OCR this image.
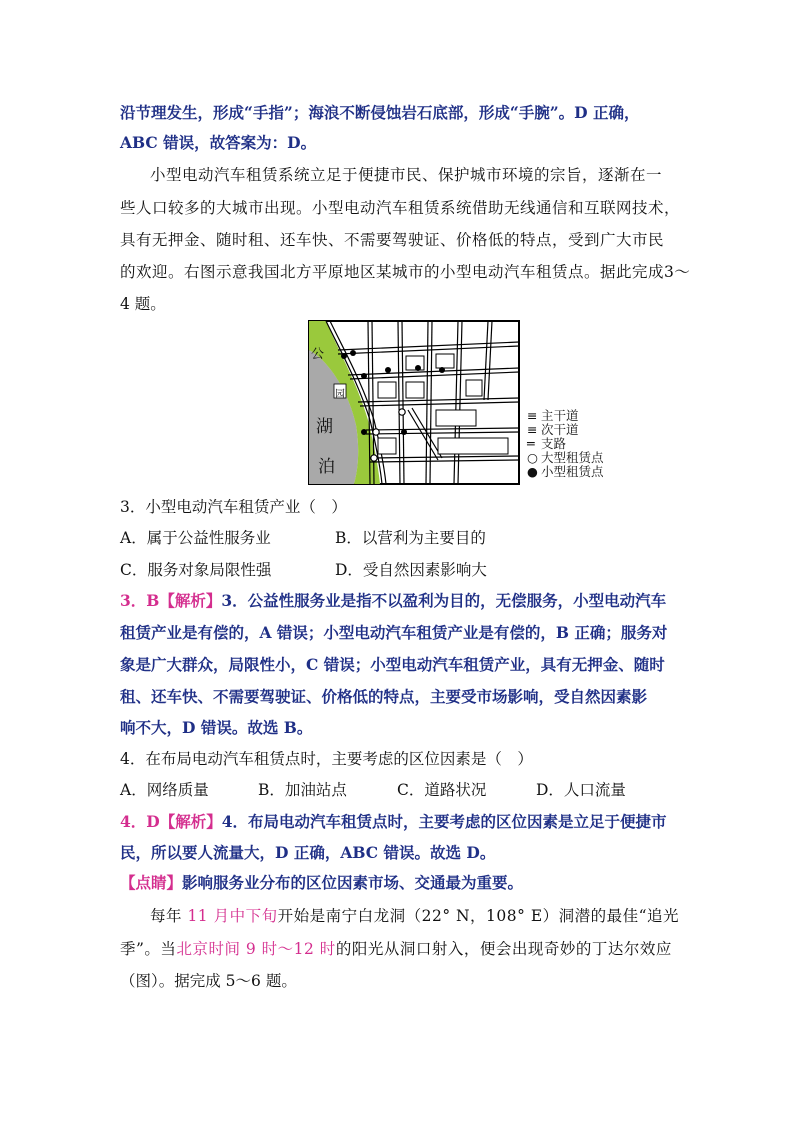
沿节理发生，形成“手指”；海浪不断侵蚀岩石底部，形成“手腕”。D 正确，
ABC 错误，故答案为：D。
小型电动汽车租赁系统立足于便捷市民、保护城市环境的宗旨，逐渐在一
些人口较多的大城市出现。小型电动汽车租赁系统借助无线通信和互联网技术，
具有无押金、随时租、还车快、不需要驾驶证、价格低的特点，受到广大市民
的欢迎。右图示意我国北方平原地区某城市的小型电动汽车租赁点。据此完成3～
4 题。
公
园
湖
泊
≡ 主干道
≡ 次干道
═ 支路
○ 大型租赁点
● 小型租赁点
3．小型电动汽车租赁产业（　）
A．属于公益性服务业	B．以营利为主要目的
C．服务对象局限性强	D．受自然因素影响大
3．B【解析】3．公益性服务业是指不以盈利为目的，无偿服务，小型电动汽车
租赁产业是有偿的，A 错误；小型电动汽车租赁产业是有偿的，B 正确；服务对
象是广大群众，局限性小，C 错误；小型电动汽车租赁产业，具有无押金、随时
租、还车快、不需要驾驶证、价格低的特点，主要受市场影响，受自然因素影
响不大，D 错误。故选 B。
4．在布局电动汽车租赁点时，主要考虑的区位因素是（　）
A．网络质量	B．加油站点	C．道路状况	D．人口流量
4．D【解析】4．布局电动汽车租赁点时，主要考虑的区位因素是立足于便捷市
民，所以要人流量大，D 正确，ABC 错误。故选 D。
【点睛】影响服务业分布的区位因素市场、交通最为重要。
每年 11 月中下旬开始是南宁白龙洞（22° N，108° E）洞潜的最佳“追光
季”。当北京时间 9 时～12 时的阳光从洞口射入，便会出现奇妙的丁达尔效应
（图）。据完成 5～6 题。
